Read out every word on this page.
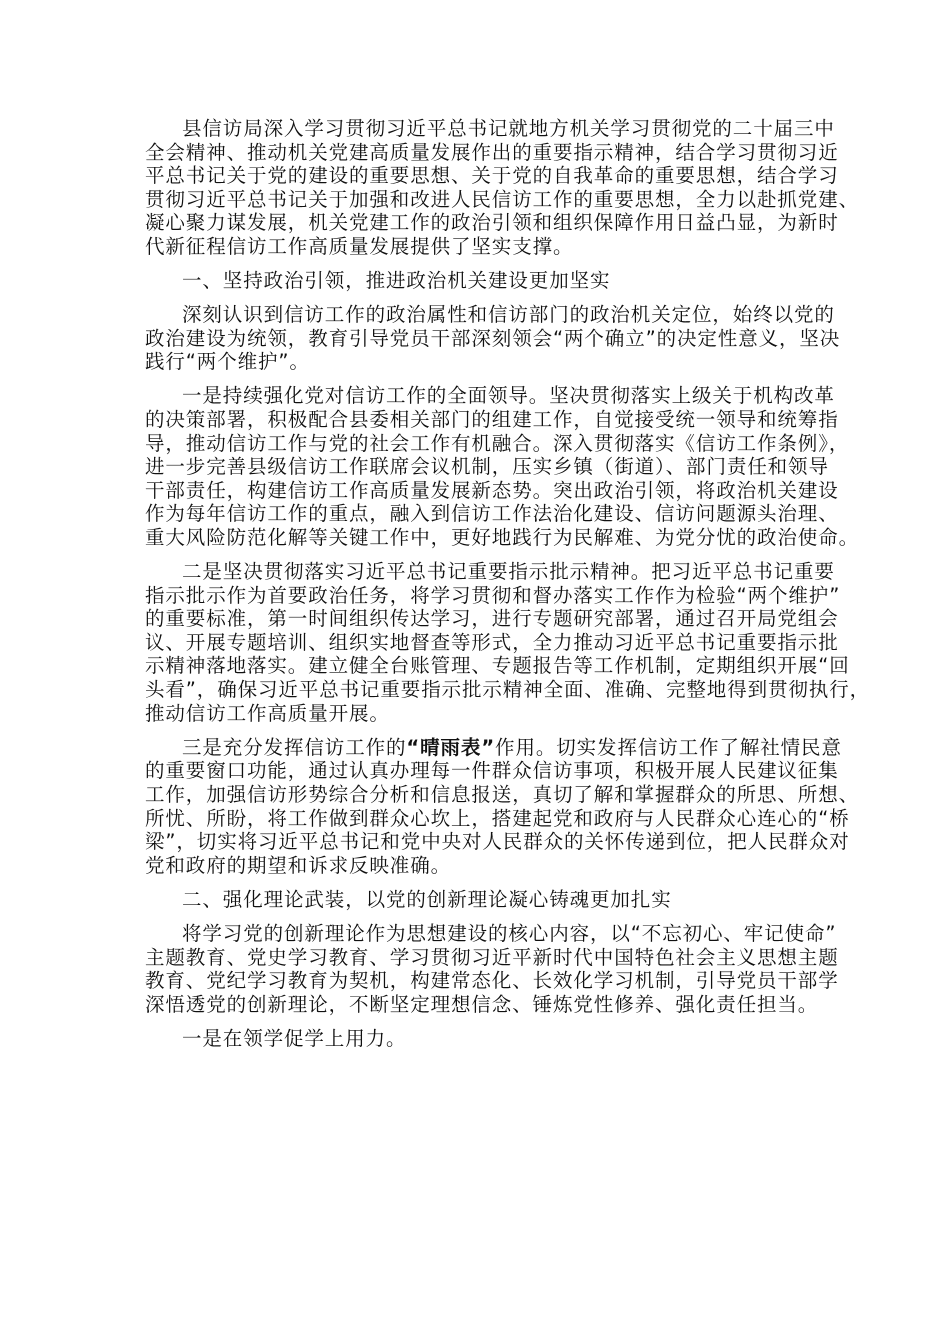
县信访局深入学习贯彻习近平总书记就地方机关学习贯彻党的二十届三中
全会精神、推动机关党建高质量发展作出的重要指示精神，结合学习贯彻习近
平总书记关于党的建设的重要思想、关于党的自我革命的重要思想，结合学习
贯彻习近平总书记关于加强和改进人民信访工作的重要思想，全力以赴抓党建、
凝心聚力谋发展，机关党建工作的政治引领和组织保障作用日益凸显，为新时
代新征程信访工作高质量发展提供了坚实支撑。
一、坚持政治引领，推进政治机关建设更加坚实
深刻认识到信访工作的政治属性和信访部门的政治机关定位，始终以党的
政治建设为统领，教育引导党员干部深刻领会“两个确立”的决定性意义，坚决
践行“两个维护”。
一是持续强化党对信访工作的全面领导。坚决贯彻落实上级关于机构改革
的决策部署，积极配合县委相关部门的组建工作，自觉接受统一领导和统筹指
导，推动信访工作与党的社会工作有机融合。深入贯彻落实《信访工作条例》，
进一步完善县级信访工作联席会议机制，压实乡镇（街道）、部门责任和领导
干部责任，构建信访工作高质量发展新态势。突出政治引领，将政治机关建设
作为每年信访工作的重点，融入到信访工作法治化建设、信访问题源头治理、
重大风险防范化解等关键工作中，更好地践行为民解难、为党分忧的政治使命。
二是坚决贯彻落实习近平总书记重要指示批示精神。把习近平总书记重要
指示批示作为首要政治任务，将学习贯彻和督办落实工作作为检验“两个维护”
的重要标准，第一时间组织传达学习，进行专题研究部署，通过召开局党组会
议、开展专题培训、组织实地督查等形式，全力推动习近平总书记重要指示批
示精神落地落实。建立健全台账管理、专题报告等工作机制，定期组织开展“回
头看”，确保习近平总书记重要指示批示精神全面、准确、完整地得到贯彻执行，
推动信访工作高质量开展。
三是充分发挥信访工作的“晴雨表”作用。切实发挥信访工作了解社情民意
的重要窗口功能，通过认真办理每一件群众信访事项，积极开展人民建议征集
工作，加强信访形势综合分析和信息报送，真切了解和掌握群众的所思、所想、
所忧、所盼，将工作做到群众心坎上，搭建起党和政府与人民群众心连心的“桥
梁”，切实将习近平总书记和党中央对人民群众的关怀传递到位，把人民群众对
党和政府的期望和诉求反映准确。
二、强化理论武装，以党的创新理论凝心铸魂更加扎实
将学习党的创新理论作为思想建设的核心内容，以“不忘初心、牢记使命”
主题教育、党史学习教育、学习贯彻习近平新时代中国特色社会主义思想主题
教育、党纪学习教育为契机，构建常态化、长效化学习机制，引导党员干部学
深悟透党的创新理论，不断坚定理想信念、锤炼党性修养、强化责任担当。
一是在领学促学上用力。
